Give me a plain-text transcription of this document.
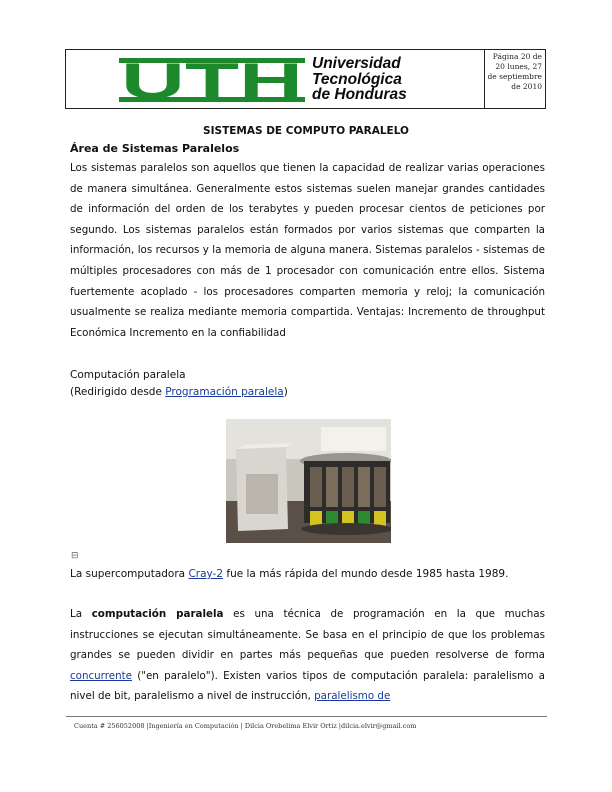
UTH Universidad
Tecnológica
de Honduras
Página 20 de 20 lunes, 27 de septiembre de 2010
SISTEMAS DE COMPUTO PARALELO
Área de Sistemas Paralelos

Los sistemas paralelos son aquellos que tienen la capacidad de realizar varias operaciones de manera simultánea. Generalmente estos sistemas suelen manejar grandes cantidades de información del orden de los terabytes y pueden procesar cientos de peticiones por segundo. Los sistemas paralelos están formados por varios sistemas que comparten la información, los recursos y la memoria de alguna manera. Sistemas paralelos - sistemas de múltiples procesadores con más de 1 procesador con comunicación entre ellos. Sistema fuertemente acoplado - los procesadores comparten memoria y reloj; la comunicación usualmente se realiza mediante memoria compartida. Ventajas: Incremento de throughput Económica Incremento en la confiabilidad

Computación paralela
(Redirigido desde Programación paralela)
⊟
La supercomputadora Cray-2 fue la más rápida del mundo desde 1985 hasta 1989.

La computación paralela es una técnica de programación en la que muchas instrucciones se ejecutan simultáneamente. Se basa en el principio de que los problemas grandes se pueden dividir en partes más pequeñas que pueden resolverse de forma concurrente ("en paralelo"). Existen varios tipos de computación paralela: paralelismo a nivel de bit, paralelismo a nivel de instrucción, paralelismo de

Cuenta # 256052008 |Ingeniería en Computación | Dilcia Orebelima Elvir Ortiz |dilcia.elvir@gmail.com
